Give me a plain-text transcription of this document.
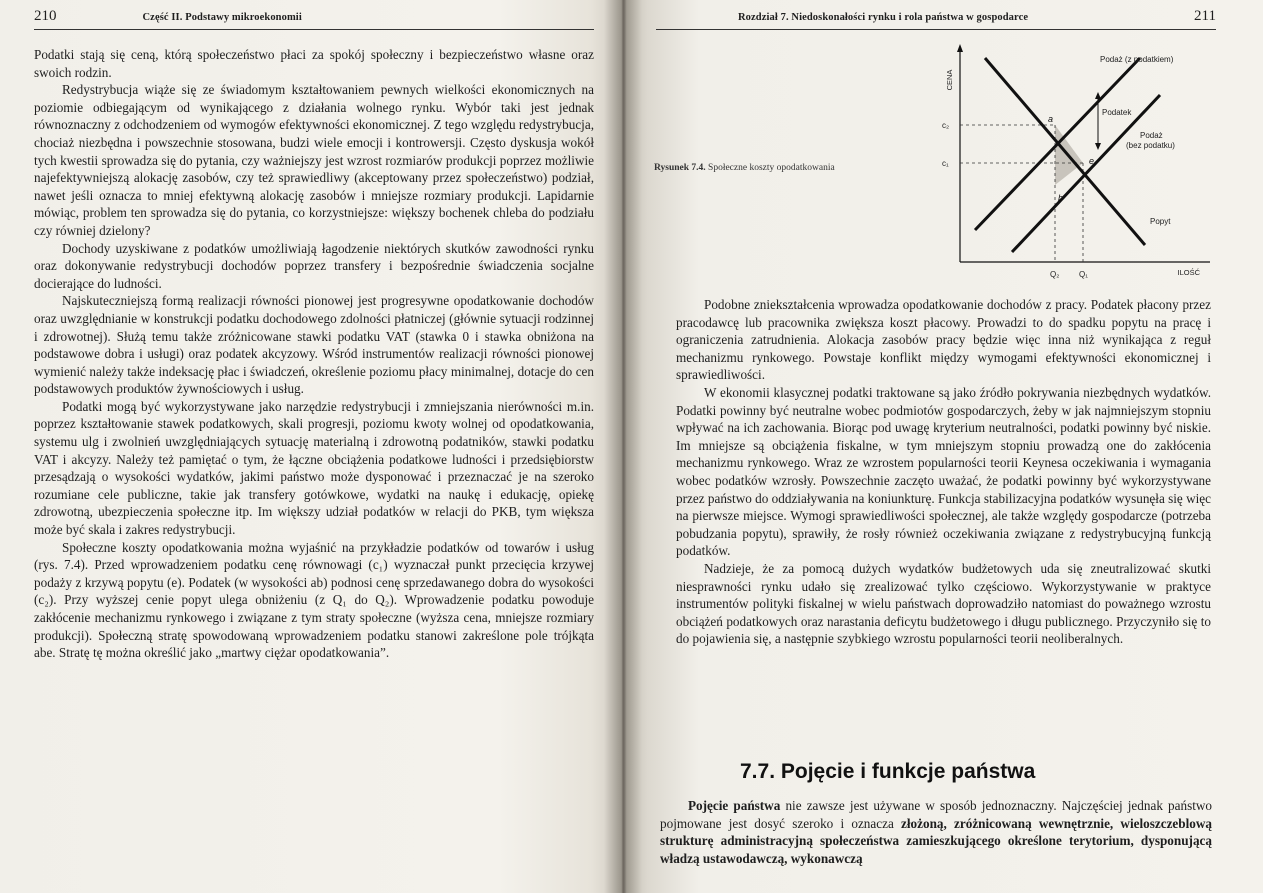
210	Część II. Podstawy mikroekonomii

Podatki stają się ceną, którą społeczeństwo płaci za spokój społeczny i bezpieczeństwo własne oraz swoich rodzin.

Redystrybucja wiąże się ze świadomym kształtowaniem pewnych wielkości ekonomicznych na poziomie odbiegającym od wynikającego z działania wolnego rynku. Wybór taki jest jednak równoznaczny z odchodzeniem od wymogów efektywności ekonomicznej. Z tego względu redystrybucja, chociaż niezbędna i powszechnie stosowana, budzi wiele emocji i kontrowersji. Często dyskusja wokół tych kwestii sprowadza się do pytania, czy ważniejszy jest wzrost rozmiarów produkcji poprzez możliwie najefektywniejszą alokację zasobów, czy też sprawiedliwy (akceptowany przez społeczeństwo) podział, nawet jeśli oznacza to mniej efektywną alokację zasobów i mniejsze rozmiary produkcji. Lapidarnie mówiąc, problem ten sprowadza się do pytania, co korzystniejsze: większy bochenek chleba do podziału czy równiej dzielony?

Dochody uzyskiwane z podatków umożliwiają łagodzenie niektórych skutków zawodności rynku oraz dokonywanie redystrybucji dochodów poprzez transfery i bezpośrednie świadczenia socjalne docierające do ludności.

Najskuteczniejszą formą realizacji równości pionowej jest progresywne opodatkowanie dochodów oraz uwzględnianie w konstrukcji podatku dochodowego zdolności płatniczej (głównie sytuacji rodzinnej i zdrowotnej). Służą temu także zróżnicowane stawki podatku VAT (stawka 0 i stawka obniżona na podstawowe dobra i usługi) oraz podatek akcyzowy. Wśród instrumentów realizacji równości pionowej wymienić należy także indeksację płac i świadczeń, określenie poziomu płacy minimalnej, dotacje do cen podstawowych produktów żywnościowych i usług.

Podatki mogą być wykorzystywane jako narzędzie redystrybucji i zmniejszania nierówności m.in. poprzez kształtowanie stawek podatkowych, skali progresji, poziomu kwoty wolnej od opodatkowania, systemu ulg i zwolnień uwzględniających sytuację materialną i zdrowotną podatników, stawki podatku VAT i akcyzy. Należy też pamiętać o tym, że łączne obciążenia podatkowe ludności i przedsiębiorstw przesądzają o wysokości wydatków, jakimi państwo może dysponować i przeznaczać je na szeroko rozumiane cele publiczne, takie jak transfery gotówkowe, wydatki na naukę i edukację, opiekę zdrowotną, ubezpieczenia społeczne itp. Im większy udział podatków w relacji do PKB, tym większa może być skala i zakres redystrybucji.

Społeczne koszty opodatkowania można wyjaśnić na przykładzie podatków od towarów i usług (rys. 7.4). Przed wprowadzeniem podatku cenę równowagi (c₁) wyznaczał punkt przecięcia krzywej podaży z krzywą popytu (e). Podatek (w wysokości ab) podnosi cenę sprzedawanego dobra do wysokości (c₂). Przy wyższej cenie popyt ulega obniżeniu (z Q₁ do Q₂). Wprowadzenie podatku powoduje zakłócenie mechanizmu rynkowego i związane z tym straty społeczne (wyższa cena, mniejsze rozmiary produkcji). Społeczną stratę spowodowaną wprowadzeniem podatku stanowi zakreślone pole trójkąta abe. Stratę tę można określić jako „martwy ciężar opodatkowania”.

Rozdział 7. Niedoskonałości rynku i rola państwa w gospodarce	211
Rysunek 7.4. Społeczne koszty opodatkowania
CENA
ILOŚĆ
a
b
e
c₂
c₁
Q₂ Q₁
Podaż (z podatkiem)
Podatek
Podaż
(bez podatku)
Popyt

Podobne zniekształcenia wprowadza opodatkowanie dochodów z pracy. Podatek płacony przez pracodawcę lub pracownika zwiększa koszt płacowy. Prowadzi to do spadku popytu na pracę i ograniczenia zatrudnienia. Alokacja zasobów pracy będzie więc inna niż wynikająca z reguł mechanizmu rynkowego. Powstaje konflikt między wymogami efektywności ekonomicznej i sprawiedliwości.

W ekonomii klasycznej podatki traktowane są jako źródło pokrywania niezbędnych wydatków. Podatki powinny być neutralne wobec podmiotów gospodarczych, żeby w jak najmniejszym stopniu wpływać na ich zachowania. Biorąc pod uwagę kryterium neutralności, podatki powinny być niskie. Im mniejsze są obciążenia fiskalne, w tym mniejszym stopniu prowadzą one do zakłócenia mechanizmu rynkowego. Wraz ze wzrostem popularności teorii Keynesa oczekiwania i wymagania wobec podatków wzrosły. Powszechnie zaczęto uważać, że podatki powinny być wykorzystywane przez państwo do oddziaływania na koniunkturę. Funkcja stabilizacyjna podatków wysunęła się więc na pierwsze miejsce. Wymogi sprawiedliwości społecznej, ale także względy gospodarcze (potrzeba pobudzania popytu), sprawiły, że rosły również oczekiwania związane z redystrybucyjną funkcją podatków.

Nadzieje, że za pomocą dużych wydatków budżetowych uda się zneutralizować skutki niesprawności rynku udało się zrealizować tylko częściowo. Wykorzystywanie w praktyce instrumentów polityki fiskalnej w wielu państwach doprowadziło natomiast do poważnego wzrostu obciążeń podatkowych oraz narastania deficytu budżetowego i długu publicznego. Przyczyniło się to do pojawienia się, a następnie szybkiego wzrostu popularności teorii neoliberalnych.

7.7. Pojęcie i funkcje państwa

Pojęcie państwa nie zawsze jest używane w sposób jednoznaczny. Najczęściej jednak państwo pojmowane jest dosyć szeroko i oznacza złożoną, zróżnicowaną wewnętrznie, wieloszczeblową strukturę administracyjną społeczeństwa zamieszkującego określone terytorium, dysponującą władzą ustawodawczą, wykonawczą
